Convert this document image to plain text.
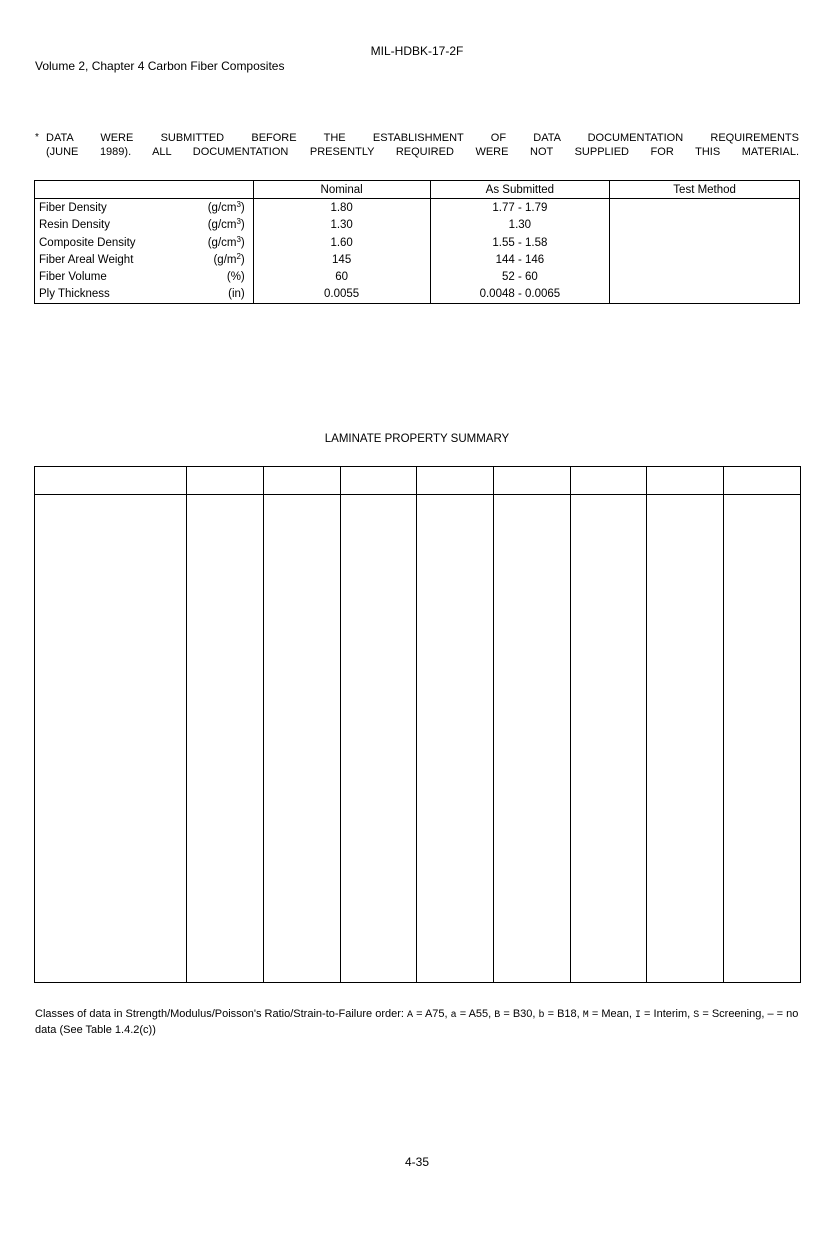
MIL-HDBK-17-2F
Volume 2, Chapter 4 Carbon Fiber Composites
* DATA WERE SUBMITTED BEFORE THE ESTABLISHMENT OF DATA DOCUMENTATION REQUIREMENTS
(JUNE 1989). ALL DOCUMENTATION PRESENTLY REQUIRED WERE NOT SUPPLIED FOR THIS MATERIAL.
		Nominal	As Submitted	Test Method
Fiber Density	$(g/cm^3)$	1.80	1.77 - 1.79	
Resin Density	$(g/cm^3)$	1.30	1.30	
Composite Density	$(g/cm^3)$	1.60	1.55 - 1.58	
Fiber Areal Weight	$(g/m^2)$	145	144 - 146	
Fiber Volume	(%)	60	52 - 60	
Ply Thickness	(in)	0.0055	0.0048 - 0.0065	
LAMINATE PROPERTY SUMMARY

Classes of data in Strength/Modulus/Poisson's Ratio/Strain-to-Failure order: A = A75, a = A55, B = B30, b = B18, M = Mean, I = Interim, S = Screening, – = no data (See Table 1.4.2(c))
4-35
